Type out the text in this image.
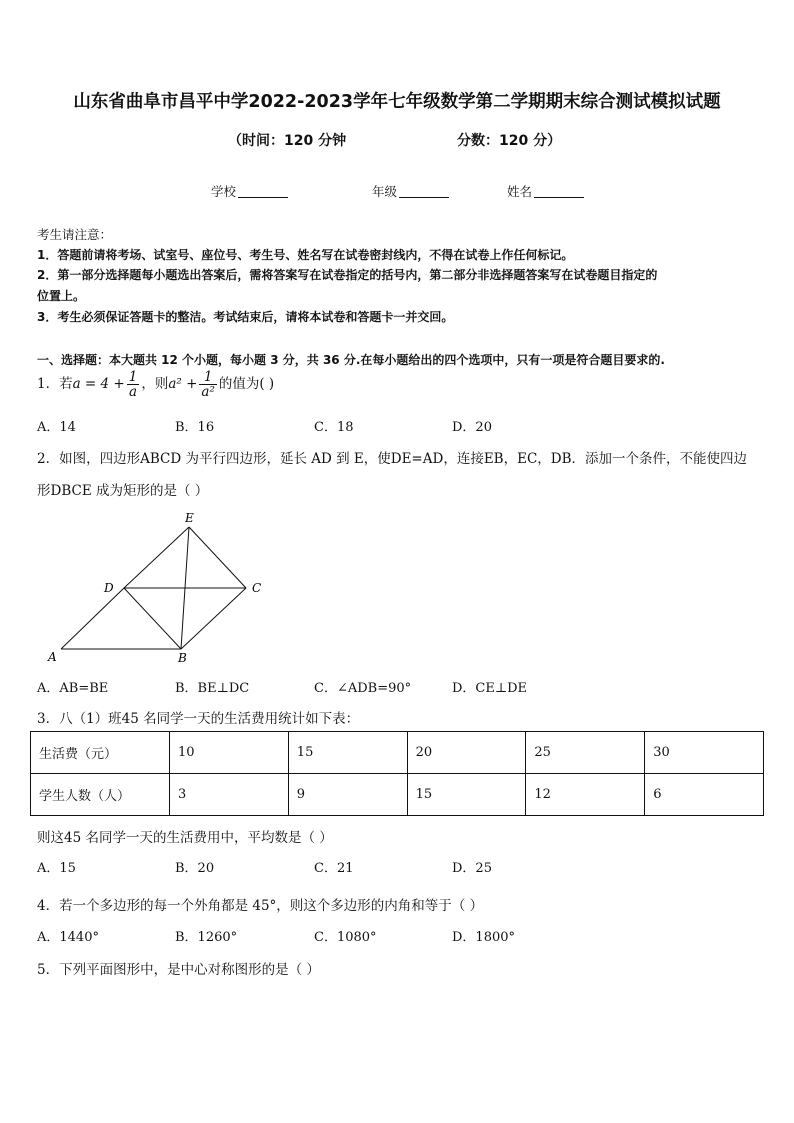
山东省曲阜市昌平中学2022-2023学年七年级数学第二学期期末综合测试模拟试题
（时间：120 分钟	分数：120 分）
学校	年级	姓名
考生请注意：
1．答题前请将考场、试室号、座位号、考生号、姓名写在试卷密封线内，不得在试卷上作任何标记。
2．第一部分选择题每小题选出答案后，需将答案写在试卷指定的括号内，第二部分非选择题答案写在试卷题目指定的
位置上。
3．考生必须保证答题卡的整洁。考试结束后，请将本试卷和答题卡一并交回。
一、选择题：本大题共 12 个小题，每小题 3 分，共 36 分.在每小题给出的四个选项中，只有一项是符合题目要求的.
1．若$a = 4 + \frac{1}{a}$ ，则$a^2 + \frac{1}{\text{a²}}$ 的值为( )
A．14	B．16	C．18	D．20
2．如图，四边形ABCD 为平行四边形，延长 AD 到 E，使DE=AD，连接EB，EC，DB．添加一个条件，不能使四边
形DBCE 成为矩形的是（ ）
E
D	C
A	B
A．AB=BE	B．BE⊥DC	C．∠ADB=90°	D．CE⊥DE
3．八（1）班45 名同学一天的生活费用统计如下表：
生活费（元）	10	15	20	25	30
学生人数（人）	3	9	15	12	6
则这45 名同学一天的生活费用中，平均数是（ ）
A．15	B．20	C．21	D．25
4．若一个多边形的每一个外角都是 45°，则这个多边形的内角和等于（ ）
A．1440°	B．1260°	C．1080°	D．1800°
5．下列平面图形中，是中心对称图形的是（ ）
